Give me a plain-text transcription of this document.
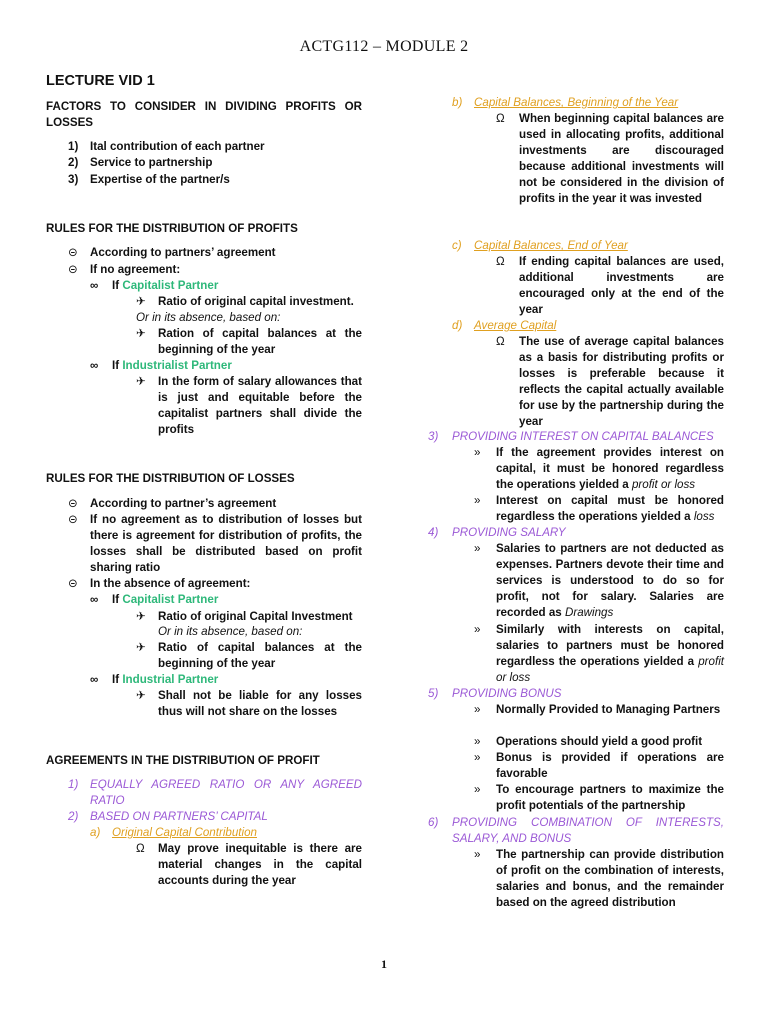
ACTG112 – MODULE 2
LECTURE VID 1
FACTORS TO CONSIDER IN DIVIDING PROFITS OR LOSSES
1)	Ital contribution of each partner
2)	Service to partnership
3)	Expertise of the partner/s
RULES FOR THE DISTRIBUTION OF PROFITS
⊝	According to partners’ agreement
⊝	If no agreement:
∞	If Capitalist Partner
✈	Ratio of original capital investment.
Or in its absence, based on:
✈	Ration of capital balances at the beginning of the year
∞	If Industrialist Partner
✈	In the form of salary allowances that is just and equitable before the capitalist partners shall divide the profits
RULES FOR THE DISTRIBUTION OF LOSSES
⊝	According to partner’s agreement
⊝	If no agreement as to distribution of losses but there is agreement for distribution of profits, the losses shall be distributed based on profit sharing ratio
⊝	In the absence of agreement:
∞	If Capitalist Partner
✈	Ratio of original Capital Investment
Or in its absence, based on:
✈	Ratio of capital balances at the beginning of the year
∞	If Industrial Partner
✈	Shall not be liable for any losses thus will not share on the losses
AGREEMENTS IN THE DISTRIBUTION OF PROFIT
1)	EQUALLY AGREED RATIO OR ANY AGREED RATIO
2)	BASED ON PARTNERS’ CAPITAL
a)	Original Capital Contribution
Ω	May prove inequitable is there are material changes in the capital accounts during the year
b)	Capital Balances, Beginning of the Year
Ω	When beginning capital balances are used in allocating profits, additional investments are discouraged because additional investments will not be considered in the division of profits in the year it was invested
c)	Capital Balances, End of Year
Ω	If ending capital balances are used, additional investments are encouraged only at the end of the year
d)	Average Capital
Ω	The use of average capital balances as a basis for distributing profits or losses is preferable because it reflects the capital actually available for use by the partnership during the year
3)	PROVIDING INTEREST ON CAPITAL BALANCES
»	If the agreement provides interest on capital, it must be honored regardless the operations yielded a profit or loss
»	Interest on capital must be honored regardless the operations yielded a loss
4)	PROVIDING SALARY
»	Salaries to partners are not deducted as expenses. Partners devote their time and services is understood to do so for profit, not for salary. Salaries are recorded as Drawings
»	Similarly with interests on capital, salaries to partners must be honored regardless the operations yielded a profit or loss
5)	PROVIDING BONUS
»	Normally Provided to Managing Partners
»	Operations should yield a good profit
»	Bonus is provided if operations are favorable
»	To encourage partners to maximize the profit potentials of the partnership
6)	PROVIDING COMBINATION OF INTERESTS, SALARY, AND BONUS
»	The partnership can provide distribution of profit on the combination of interests, salaries and bonus, and the remainder based on the agreed distribution
1
